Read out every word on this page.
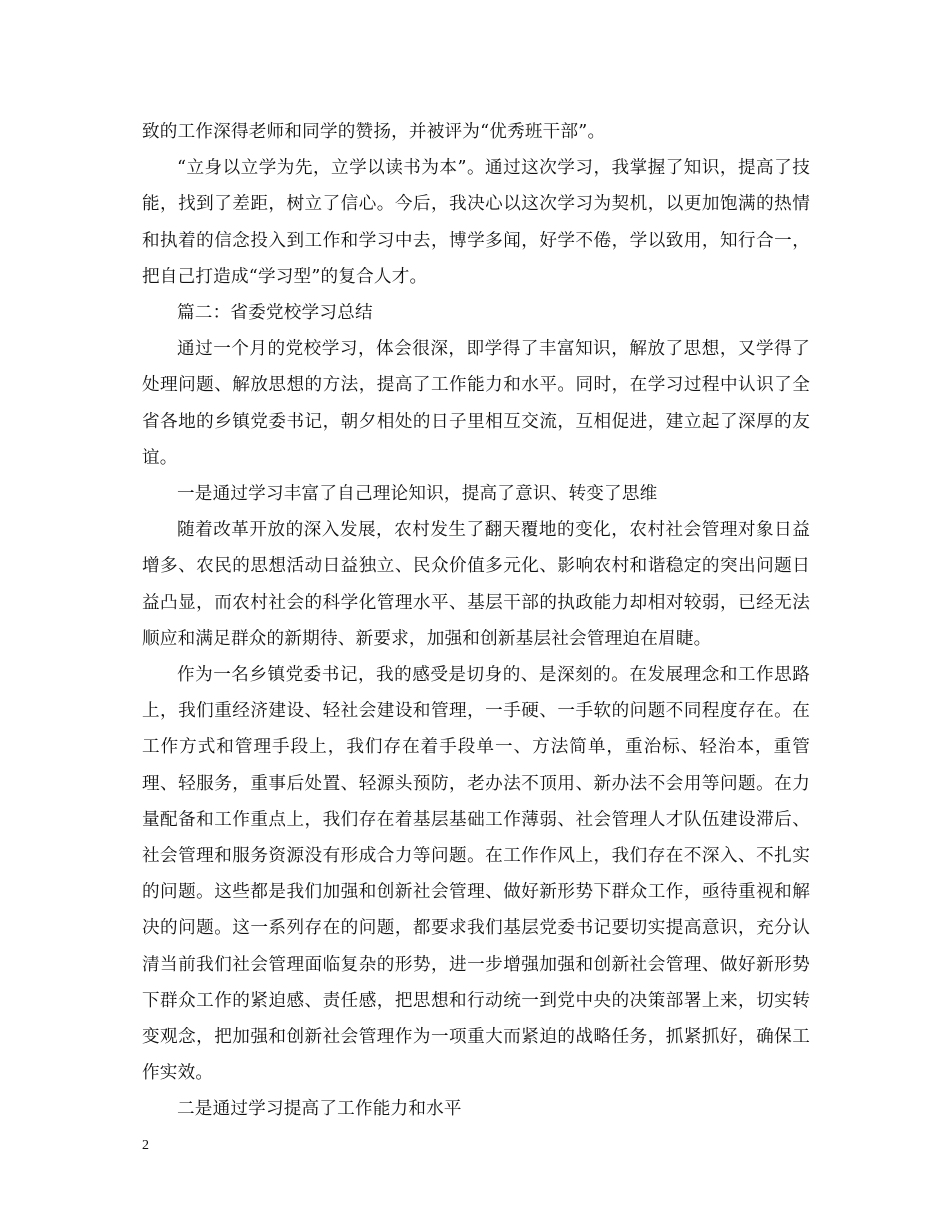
致的工作深得老师和同学的赞扬，并被评为“优秀班干部”。

“立身以立学为先，立学以读书为本”。通过这次学习，我掌握了知识，提高了技能，找到了差距，树立了信心。今后，我决心以这次学习为契机，以更加饱满的热情和执着的信念投入到工作和学习中去，博学多闻，好学不倦，学以致用，知行合一，把自己打造成“学习型”的复合人才。

篇二：省委党校学习总结

通过一个月的党校学习，体会很深，即学得了丰富知识，解放了思想，又学得了处理问题、解放思想的方法，提高了工作能力和水平。同时，在学习过程中认识了全省各地的乡镇党委书记，朝夕相处的日子里相互交流，互相促进，建立起了深厚的友谊。

一是通过学习丰富了自己理论知识，提高了意识、转变了思维

随着改革开放的深入发展，农村发生了翻天覆地的变化，农村社会管理对象日益增多、农民的思想活动日益独立、民众价值多元化、影响农村和谐稳定的突出问题日益凸显，而农村社会的科学化管理水平、基层干部的执政能力却相对较弱，已经无法顺应和满足群众的新期待、新要求，加强和创新基层社会管理迫在眉睫。

作为一名乡镇党委书记，我的感受是切身的、是深刻的。在发展理念和工作思路上，我们重经济建设、轻社会建设和管理，一手硬、一手软的问题不同程度存在。在工作方式和管理手段上，我们存在着手段单一、方法简单，重治标、轻治本，重管理、轻服务，重事后处置、轻源头预防，老办法不顶用、新办法不会用等问题。在力量配备和工作重点上，我们存在着基层基础工作薄弱、社会管理人才队伍建设滞后、社会管理和服务资源没有形成合力等问题。在工作作风上，我们存在不深入、不扎实的问题。这些都是我们加强和创新社会管理、做好新形势下群众工作，亟待重视和解决的问题。这一系列存在的问题，都要求我们基层党委书记要切实提高意识，充分认清当前我们社会管理面临复杂的形势，进一步增强加强和创新社会管理、做好新形势下群众工作的紧迫感、责任感，把思想和行动统一到党中央的决策部署上来，切实转变观念，把加强和创新社会管理作为一项重大而紧迫的战略任务，抓紧抓好，确保工作实效。

二是通过学习提高了工作能力和水平

2
